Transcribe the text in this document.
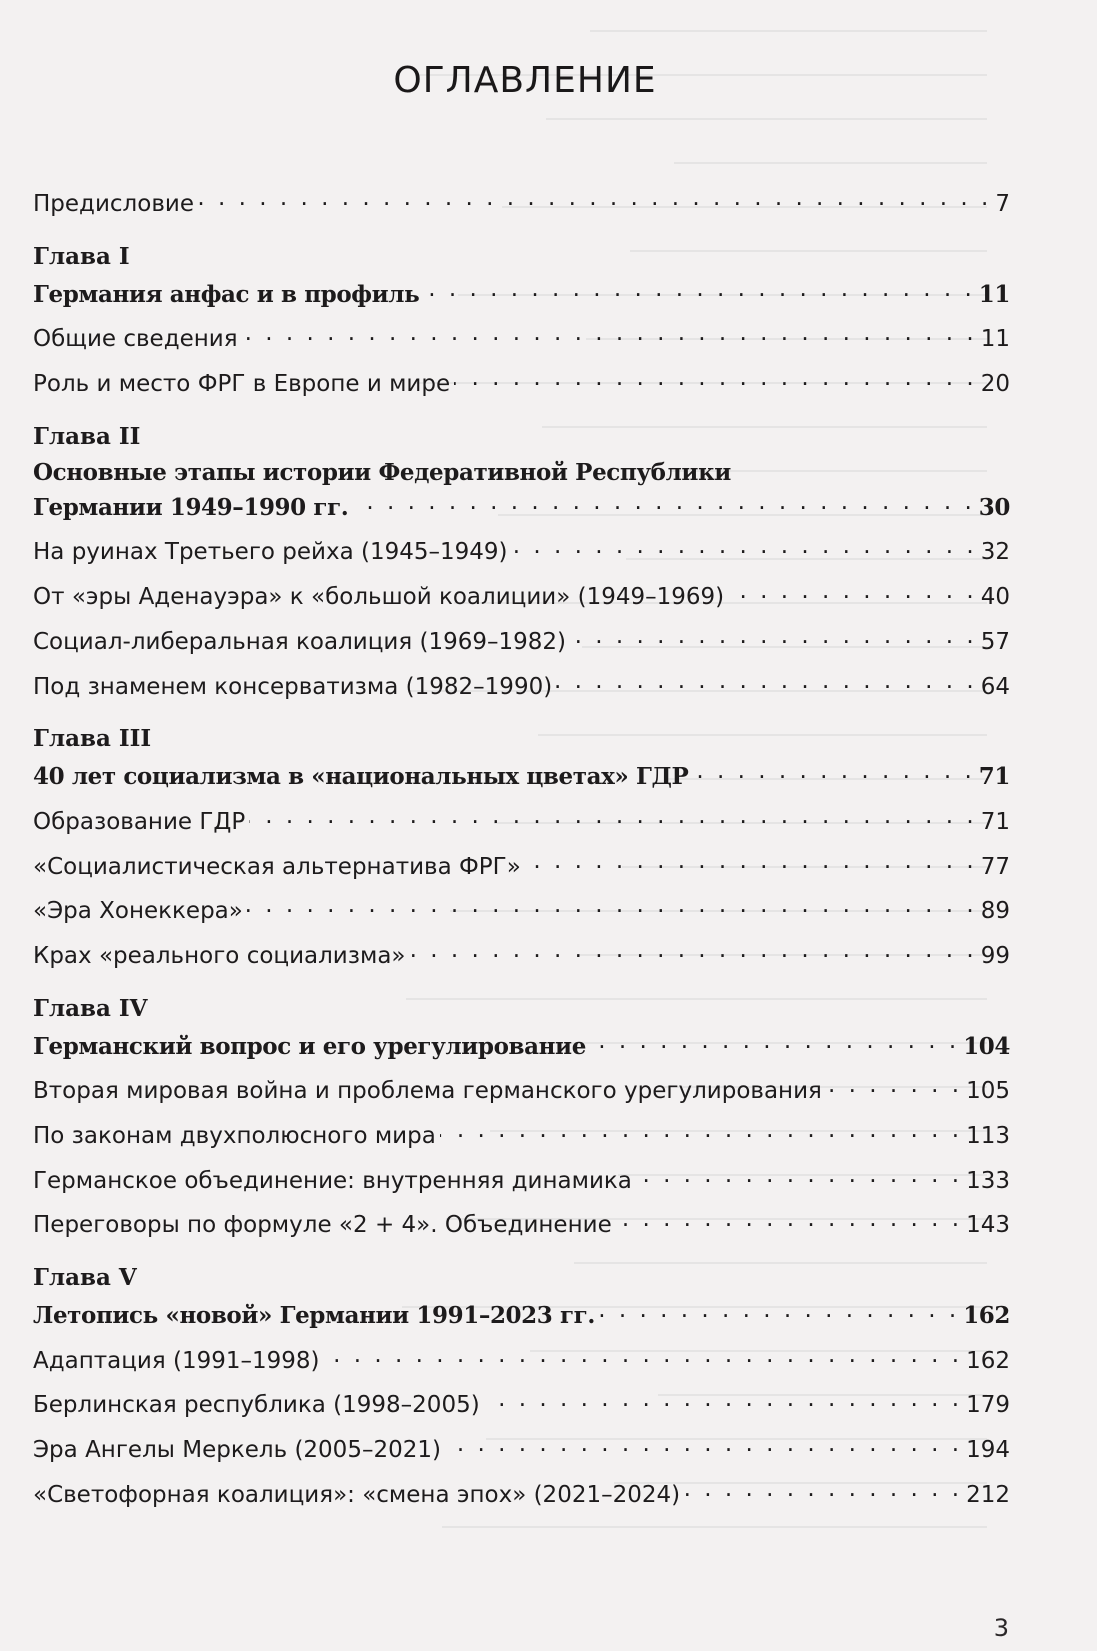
ОГЛАВЛЕНИЕ
Предисловие . . .	7
Глава I
Германия анфас и в профиль . . .	11
Общие сведения . . .	11
Роль и место ФРГ в Европе и мире . . .	20
Глава II
Основные этапы истории Федеративной Республики
Германии 1949–1990 гг. . . .	30
На руинах Третьего рейха (1945–1949) . . .	32
От «эры Аденауэра» к «большой коалиции» (1949–1969) . . .	40
Социал-либеральная коалиция (1969–1982) . . .	57
Под знаменем консерватизма (1982–1990) . . .	64
Глава III
40 лет социализма в «национальных цветах» ГДР . . .	71
Образование ГДР . . .	71
«Социалистическая альтернатива ФРГ» . . .	77
«Эра Хонеккера» . . .	89
Крах «реального социализма» . . .	99
Глава IV
Германский вопрос и его урегулирование . . .	104
Вторая мировая война и проблема германского урегулирования . . .	105
По законам двухполюсного мира . . .	113
Германское объединение: внутренняя динамика . . .	133
Переговоры по формуле «2 + 4». Объединение . . .	143
Глава V
Летопись «новой» Германии 1991–2023 гг. . . .	162
Адаптация (1991–1998) . . .	162
Берлинская республика (1998–2005) . . .	179
Эра Ангелы Меркель (2005–2021) . . .	194
«Светофорная коалиция»: «смена эпох» (2021–2024) . . .	212
3
